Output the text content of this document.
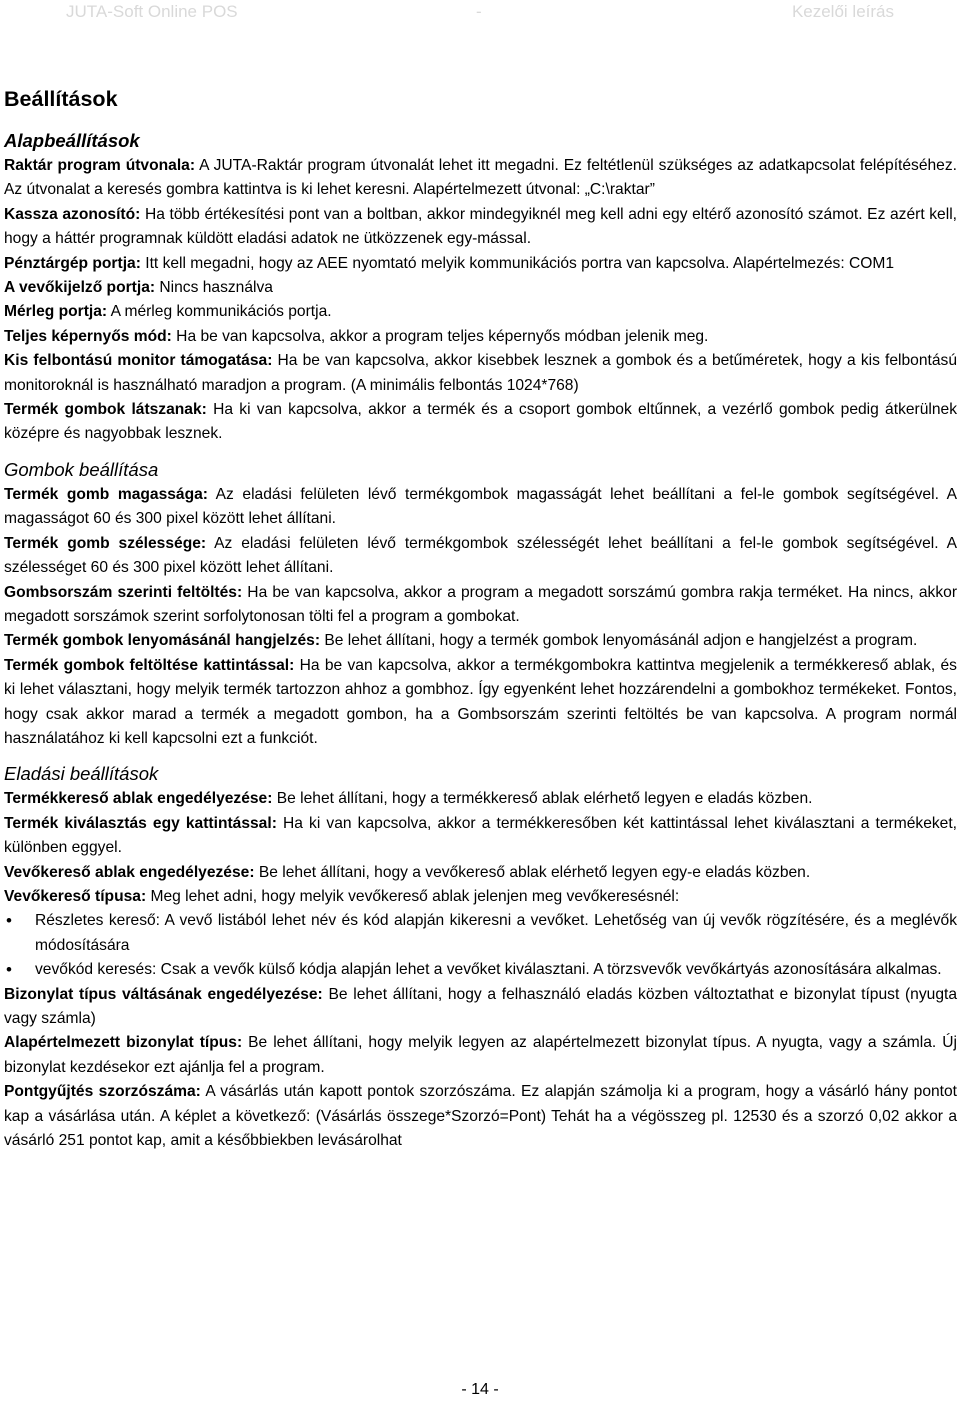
JUTA-Soft Online POS	-	Kezelői leírás
Beállítások
Alapbeállítások

Raktár program útvonala: A JUTA-Raktár program útvonalát lehet itt megadni. Ez feltétlenül szükséges az adatkapcsolat felépítéséhez. Az útvonalat a keresés gombra kattintva is ki lehet keresni. Alapértelmezett útvonal: „C:\raktar”

Kassza azonosító: Ha több értékesítési pont van a boltban, akkor mindegyiknél meg kell adni egy eltérő azonosító számot. Ez azért kell, hogy a háttér programnak küldött eladási adatok ne ütközzenek egy-mással.

Pénztárgép portja: Itt kell megadni, hogy az AEE nyomtató melyik kommunikációs portra van kapcsolva. Alapértelmezés: COM1

A vevőkijelző portja: Nincs használva

Mérleg portja: A mérleg kommunikációs portja.

Teljes képernyős mód: Ha be van kapcsolva, akkor a program teljes képernyős módban jelenik meg.

Kis felbontású monitor támogatása: Ha be van kapcsolva, akkor kisebbek lesznek a gombok és a betűméretek, hogy a kis felbontású monitoroknál is használható maradjon a program. (A minimális felbontás 1024*768)

Termék gombok látszanak: Ha ki van kapcsolva, akkor a termék és a csoport gombok eltűnnek, a vezérlő gombok pedig átkerülnek középre és nagyobbak lesznek.

Gombok beállítása

Termék gomb magassága: Az eladási felületen lévő termékgombok magasságát lehet beállítani a fel-le gombok segítségével. A magasságot 60 és 300 pixel között lehet állítani.

Termék gomb szélessége: Az eladási felületen lévő termékgombok szélességét lehet beállítani a fel-le gombok segítségével. A szélességet 60 és 300 pixel között lehet állítani.

Gombsorszám szerinti feltöltés: Ha be van kapcsolva, akkor a program a megadott sorszámú gombra rakja terméket. Ha nincs, akkor megadott sorszámok szerint sorfolytonosan tölti fel a program a gombokat.

Termék gombok lenyomásánál hangjelzés: Be lehet állítani, hogy a termék gombok lenyomásánál adjon e hangjelzést a program.

Termék gombok feltöltése kattintással: Ha be van kapcsolva, akkor a termékgombokra kattintva megjelenik a termékkereső ablak, és ki lehet választani, hogy melyik termék tartozzon ahhoz a gombhoz. Így egyenként lehet hozzárendelni a gombokhoz termékeket. Fontos, hogy csak akkor marad a termék a megadott gombon, ha a Gombsorszám szerinti feltöltés be van kapcsolva. A program normál használatához ki kell kapcsolni ezt a funkciót.

Eladási beállítások

Termékkereső ablak engedélyezése: Be lehet állítani, hogy a termékkereső ablak elérhető legyen e eladás közben.

Termék kiválasztás egy kattintással: Ha ki van kapcsolva, akkor a termékkeresőben két kattintással lehet kiválasztani a termékeket, különben eggyel.

Vevőkereső ablak engedélyezése: Be lehet állítani, hogy a vevőkereső ablak elérhető legyen egy-e eladás közben.

Vevőkereső típusa: Meg lehet adni, hogy melyik vevőkereső ablak jelenjen meg vevőkeresésnél:

• Részletes kereső: A vevő listából lehet név és kód alapján kikeresni a vevőket. Lehetőség van új vevők rögzítésére, és a meglévők módosítására
• vevőkód keresés: Csak a vevők külső kódja alapján lehet a vevőket kiválasztani. A törzsvevők vevőkártyás azonosítására alkalmas.

Bizonylat típus váltásának engedélyezése: Be lehet állítani, hogy a felhasználó eladás közben változtathat e bizonylat típust (nyugta vagy számla)

Alapértelmezett bizonylat típus: Be lehet állítani, hogy melyik legyen az alapértelmezett bizonylat típus. A nyugta, vagy a számla. Új bizonylat kezdésekor ezt ajánlja fel a program.

Pontgyűjtés szorzószáma: A vásárlás után kapott pontok szorzószáma. Ez alapján számolja ki a program, hogy a vásárló hány pontot kap a vásárlása után. A képlet a következő: (Vásárlás összege*Szorzó=Pont) Tehát ha a végösszeg pl. 12530 és a szorzó 0,02 akkor a vásárló 251 pontot kap, amit a későbbiekben levásárolhat

- 14 -
